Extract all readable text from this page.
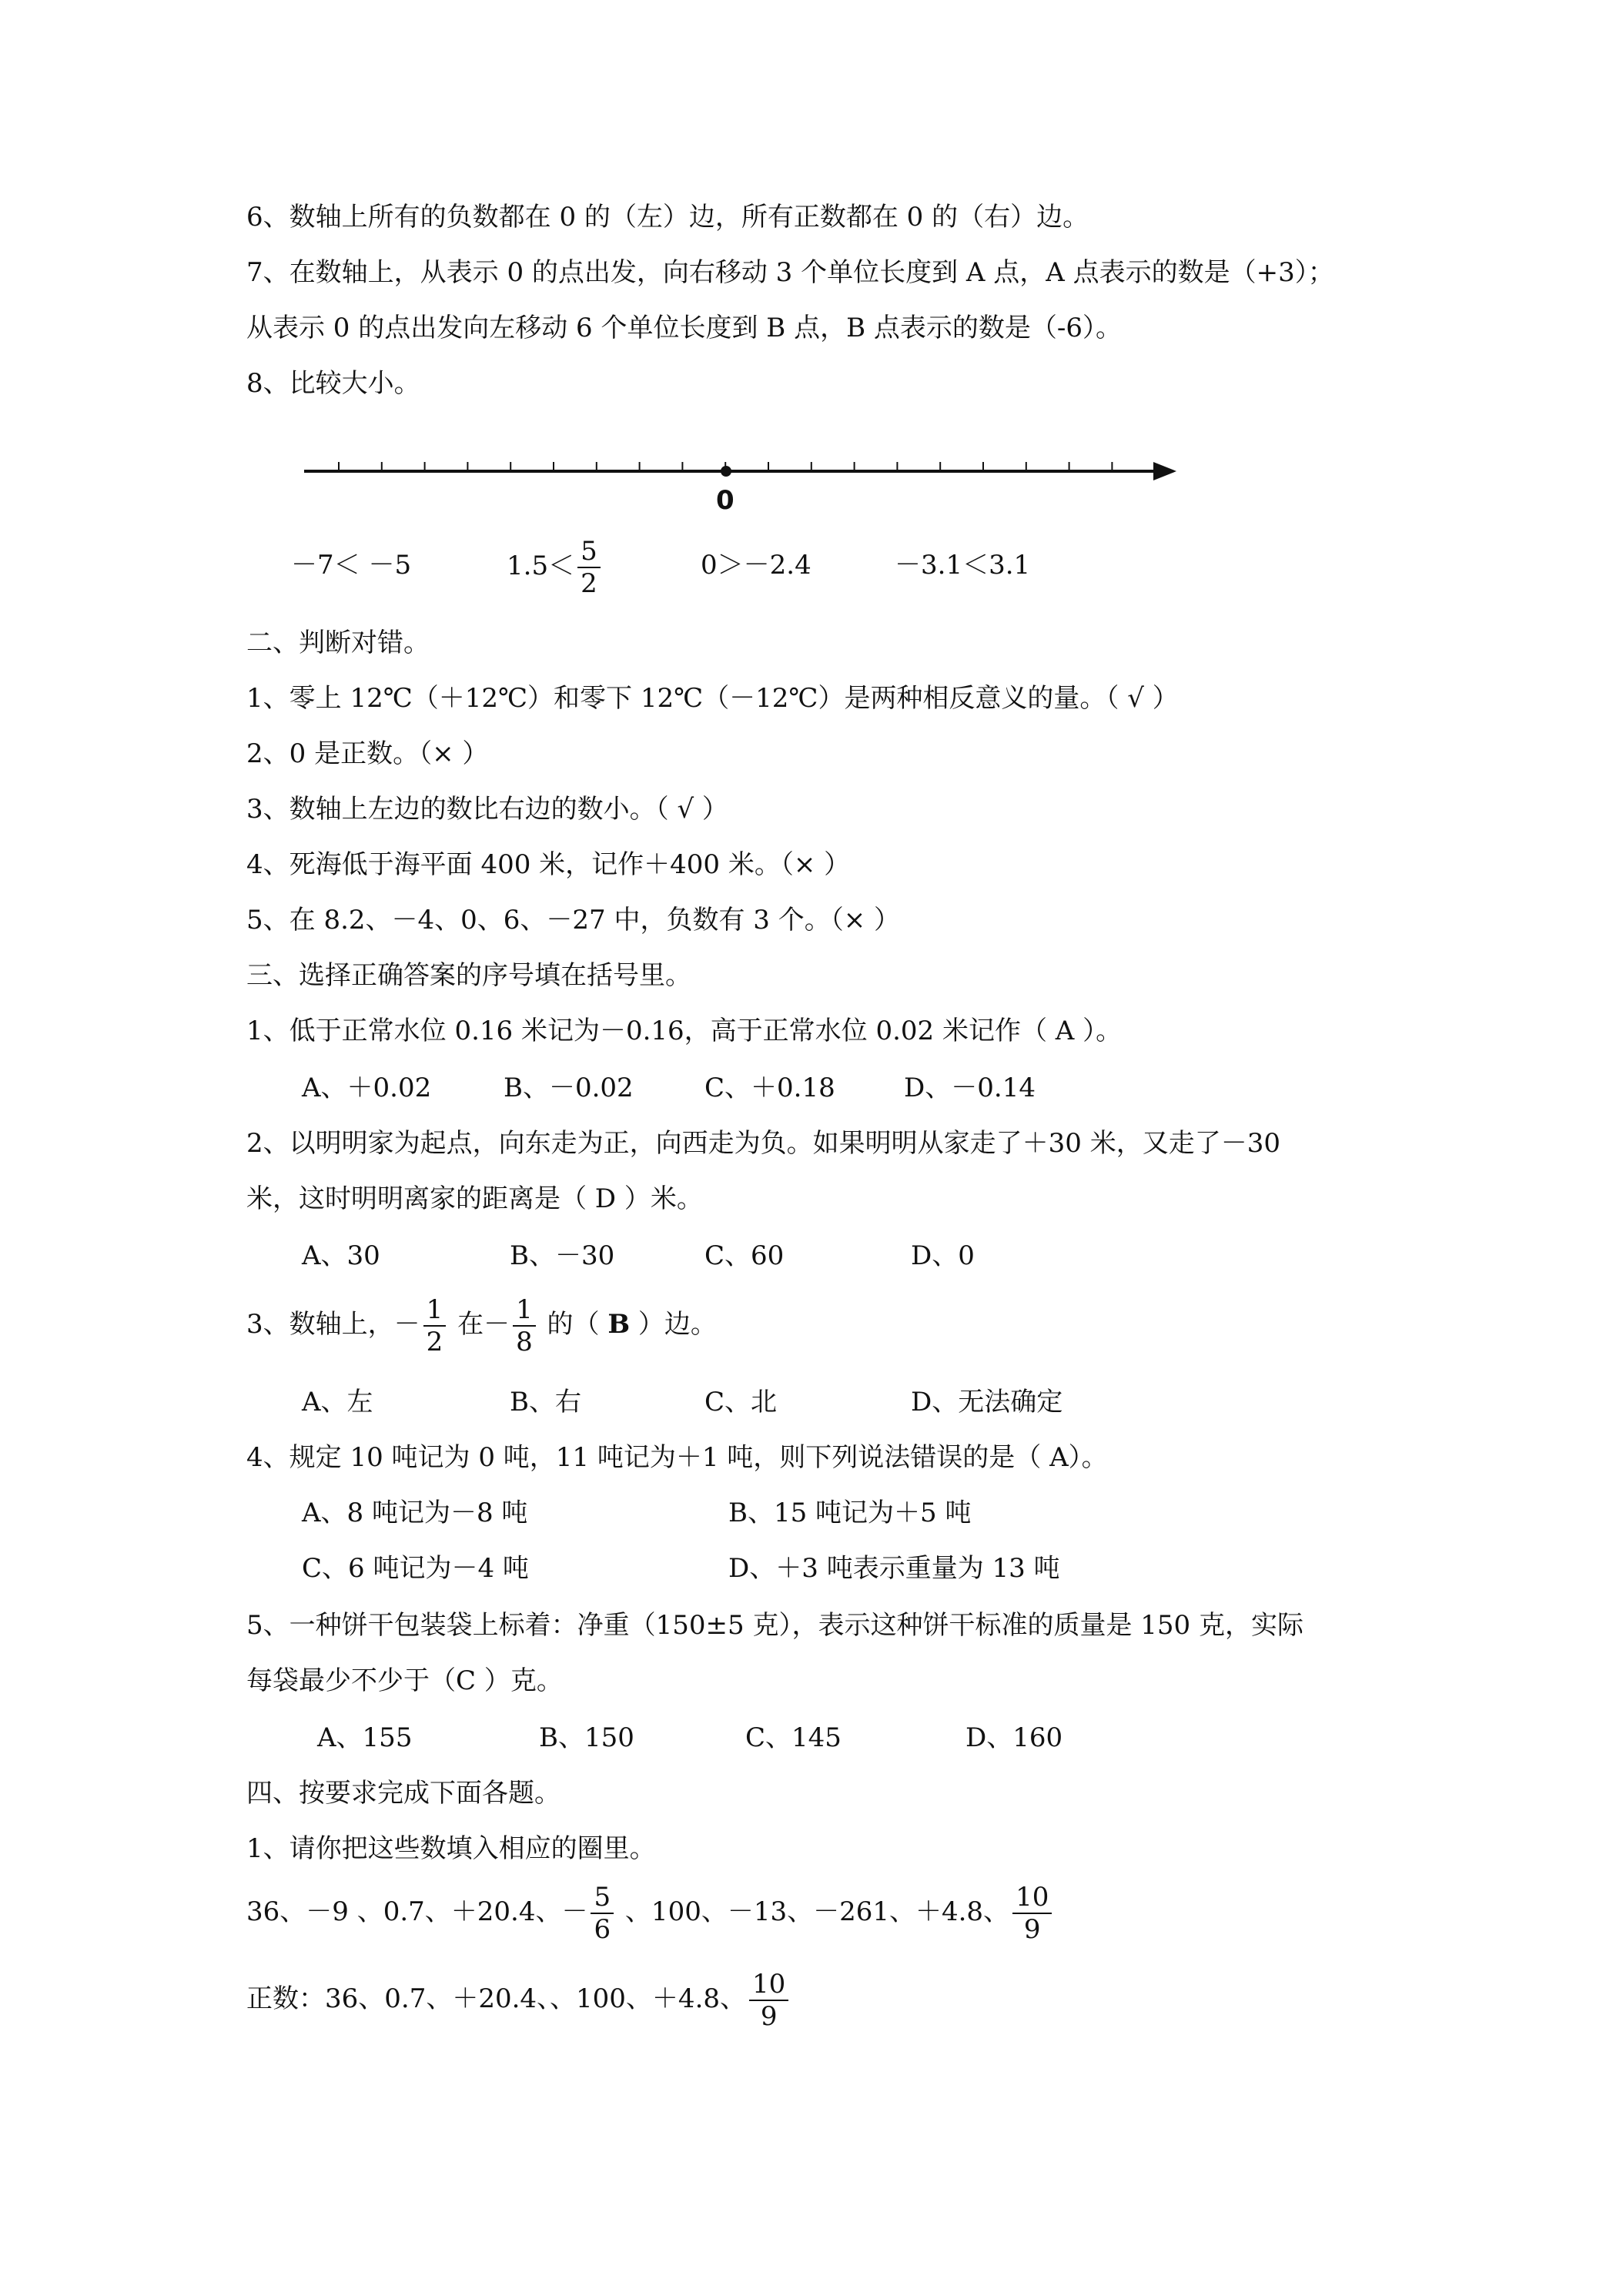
6、数轴上所有的负数都在 0 的（左）边，所有正数都在 0 的（右）边。
7、在数轴上，从表示 0 的点出发，向右移动 3 个单位长度到 A 点，A 点表示的数是（+3）；
从表示 0 的点出发向左移动 6 个单位长度到 B 点，B 点表示的数是（-6）。
8、比较大小。
0
－7＜ －5	$1.5< \frac{5}{2}$	0＞－2.4	－3.1＜3.1
二、判断对错。
1、零上 12℃（＋12℃）和零下 12℃（－12℃）是两种相反意义的量。（ √ ）
2、0 是正数。（× ）
3、数轴上左边的数比右边的数小。（ √ ）
4、死海低于海平面 400 米，记作＋400 米。（× ）
5、在 8.2、－4、0、6、－27 中，负数有 3 个。（× ）
三、选择正确答案的序号填在括号里。
1、低于正常水位 0.16 米记为－0.16，高于正常水位 0.02 米记作（ A ）。
A、＋0.02	B、－0.02	C、＋0.18	D、－0.14
2、以明明家为起点，向东走为正，向西走为负。如果明明从家走了＋30 米，又走了－30
米，这时明明离家的距离是（ D ）米。
A、30	B、－30	C、60	D、0
3、数轴上，－ $\frac{1}{2}$ 在－ $\frac{1}{8}$ 的（ B ）边。
A、左	B、右	C、北	D、无法确定
4、规定 10 吨记为 0 吨，11 吨记为＋1 吨，则下列说法错误的是（ A）。
A、8 吨记为－8 吨	B、15 吨记为＋5 吨
C、6 吨记为－4 吨	D、＋3 吨表示重量为 13 吨
5、一种饼干包装袋上标着：净重（150±5 克），表示这种饼干标准的质量是 150 克，实际
每袋最少不少于（C ）克。
A、155	B、150	C、145	D、160
四、按要求完成下面各题。
1、请你把这些数填入相应的圈里。
36、－9 、0.7、＋20.4、－ $\frac{5}{6}$ 、100、－13、－261、＋4.8、 $\frac{10}{9}$
正数：36、0.7、＋20.4、、100、＋4.8、 $\frac{10}{9}$
